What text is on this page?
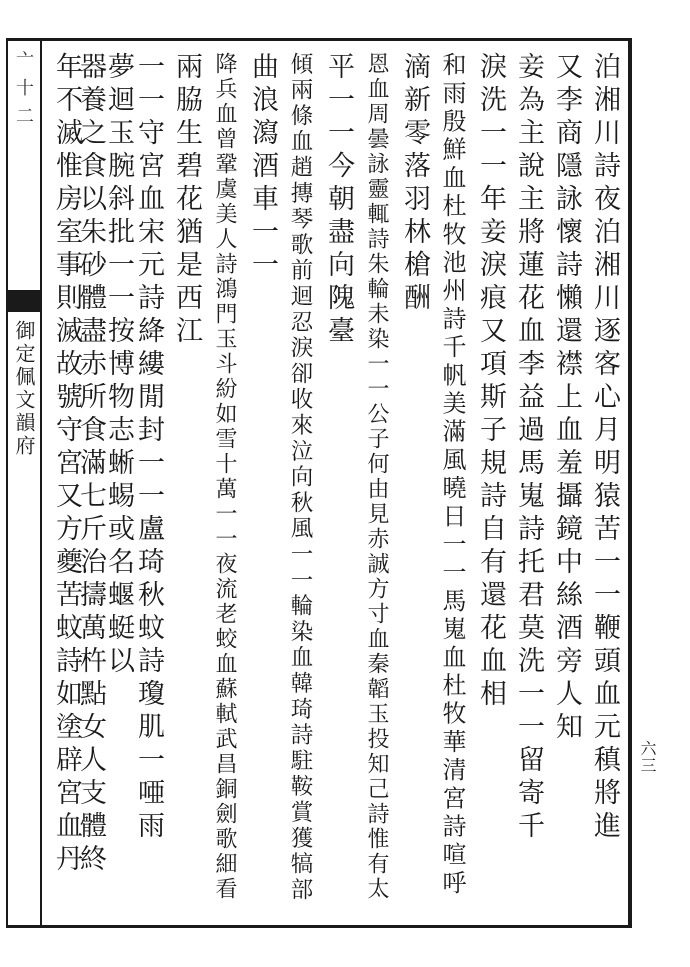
亠十二
御定佩文韻府
六三
泊湘川詩夜泊湘川逐客心月明猿苦一一鞭頭血元稹將進
又李商隱詠懷詩懶還襟上血羞攝鏡中絲酒旁人知
妾為主說主將蓮花血李益過馬嵬詩托君莫洗一一留寄千
淚洗一一年妾淚痕又項斯子規詩自有還花血相
和雨殷鮮血杜牧池州詩千帆美滿風曉日一一馬嵬血杜牧華清宮詩喧呼
滴新零落羽林槍酬
恩血周曇詠靈輒詩朱輪未染一一公子何由見赤誠方寸血秦韜玉投知己詩惟有太
平一一今朝盡向隗臺
傾兩條血趙摶琴歌前迴忍淚卻收來泣向秋風一一輪染血韓琦詩駐鞍賞獲犒部
曲浪瀉酒車一一
降兵血曾鞏虞美人詩鴻門玉斗紛如雪十萬一一夜流老蛟血蘇軾武昌銅劍歌細看
兩脇生碧花猶是西江
一一守宮血宋元詩絳縷閒封一一盧琦秋蚊詩瓊肌一唖雨
夢迴玉腕斜批一一按博物志蜥蜴或名蝘蜓以
器養之食以朱砂體盡赤所食滿七斤治擣萬杵點女人支體終
年不滅惟房室事則滅故號守宮又方夔苦蚊詩如塗辟宮血丹
